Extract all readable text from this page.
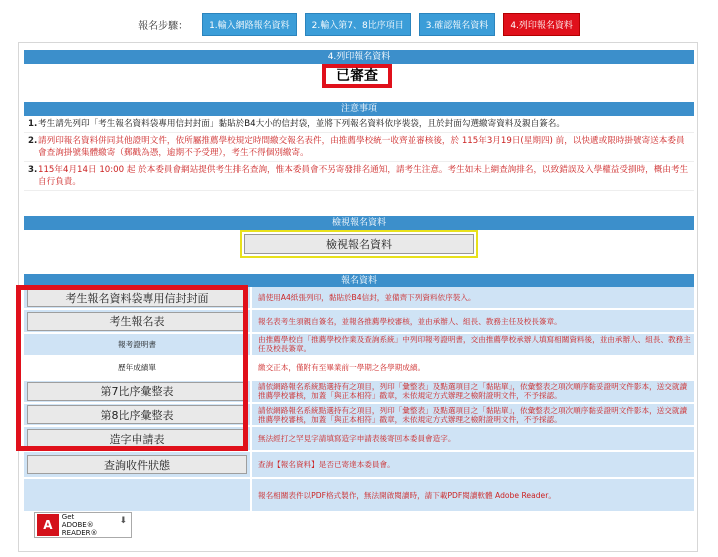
報名步驟：	1.輸入網路報名資料	2.輸入第7、8比序項目	3.確認報名資料	4.列印報名資料
4.列印報名資料
已審查
注意事項
1. 考生請先列印「考生報名資料袋專用信封封面」黏貼於B4大小的信封袋，並將下列報名資料依序裝袋，且於封面勾選繳寄資料及親自簽名。
2. 請列印報名資料併同其他證明文件，依所屬推薦學校規定時間繳交報名表件，由推薦學校統一收齊並審核後，於 115年3月19日(星期四) 前，以快遞或限時掛號寄送本委員會查詢掛號集體繳寄（郵戳為憑，逾期不予受理），考生不得個別繳寄。
3. 115年4月14日 10:00 起 於本委員會網站提供考生排名查詢，惟本委員會不另寄發排名通知，請考生注意。考生如未上網查詢排名，以致錯誤及入學權益受損時，概由考生自行負責。
檢視報名資料
檢視報名資料
報名資料
考生報名資料袋專用信封封面	請使用A4紙張列印，黏貼於B4信封，並備齊下列資料依序裝入。
考生報名表	報名表考生須親自簽名，並報各推薦學校審核，並由承辦人、組長、教務主任及校長簽章。
報考證明書	由推薦學校自「推薦學校作業及查詢系統」中列印報考證明書，交由推薦學校承辦人填寫相關資料後，並由承辦人、組長、教務主任及校長簽章。
歷年成績單	繳交正本，僅附有至畢業前一學期之各學期成績。
第7比序彙整表	請依網路報名系統點選持有之項目，列印「彙整表」及點選項目之「黏貼單」，依彙整表之項次順序黏妥證明文件影本，送交就讀推薦學校審核，加蓋「與正本相符」戳章，未依規定方式辦理之檢附證明文件，不予採認。
第8比序彙整表	請依網路報名系統點選持有之項目，列印「彙整表」及點選項目之「黏貼單」，依彙整表之項次順序黏妥證明文件影本，送交就讀推薦學校審核，加蓋「與正本相符」戳章，未依規定方式辦理之檢附證明文件，不予採認。
造字申請表	無法經打之罕見字請填寫造字申請表後寄回本委員會造字。
查詢收件狀態	查詢【報名資料】是否已寄達本委員會。
報名相關表件以PDF格式製作，無法開啟閱讀時，請下載PDF閱讀軟體 Adobe Reader。
A
Get
ADOBE® READER®
⬇
